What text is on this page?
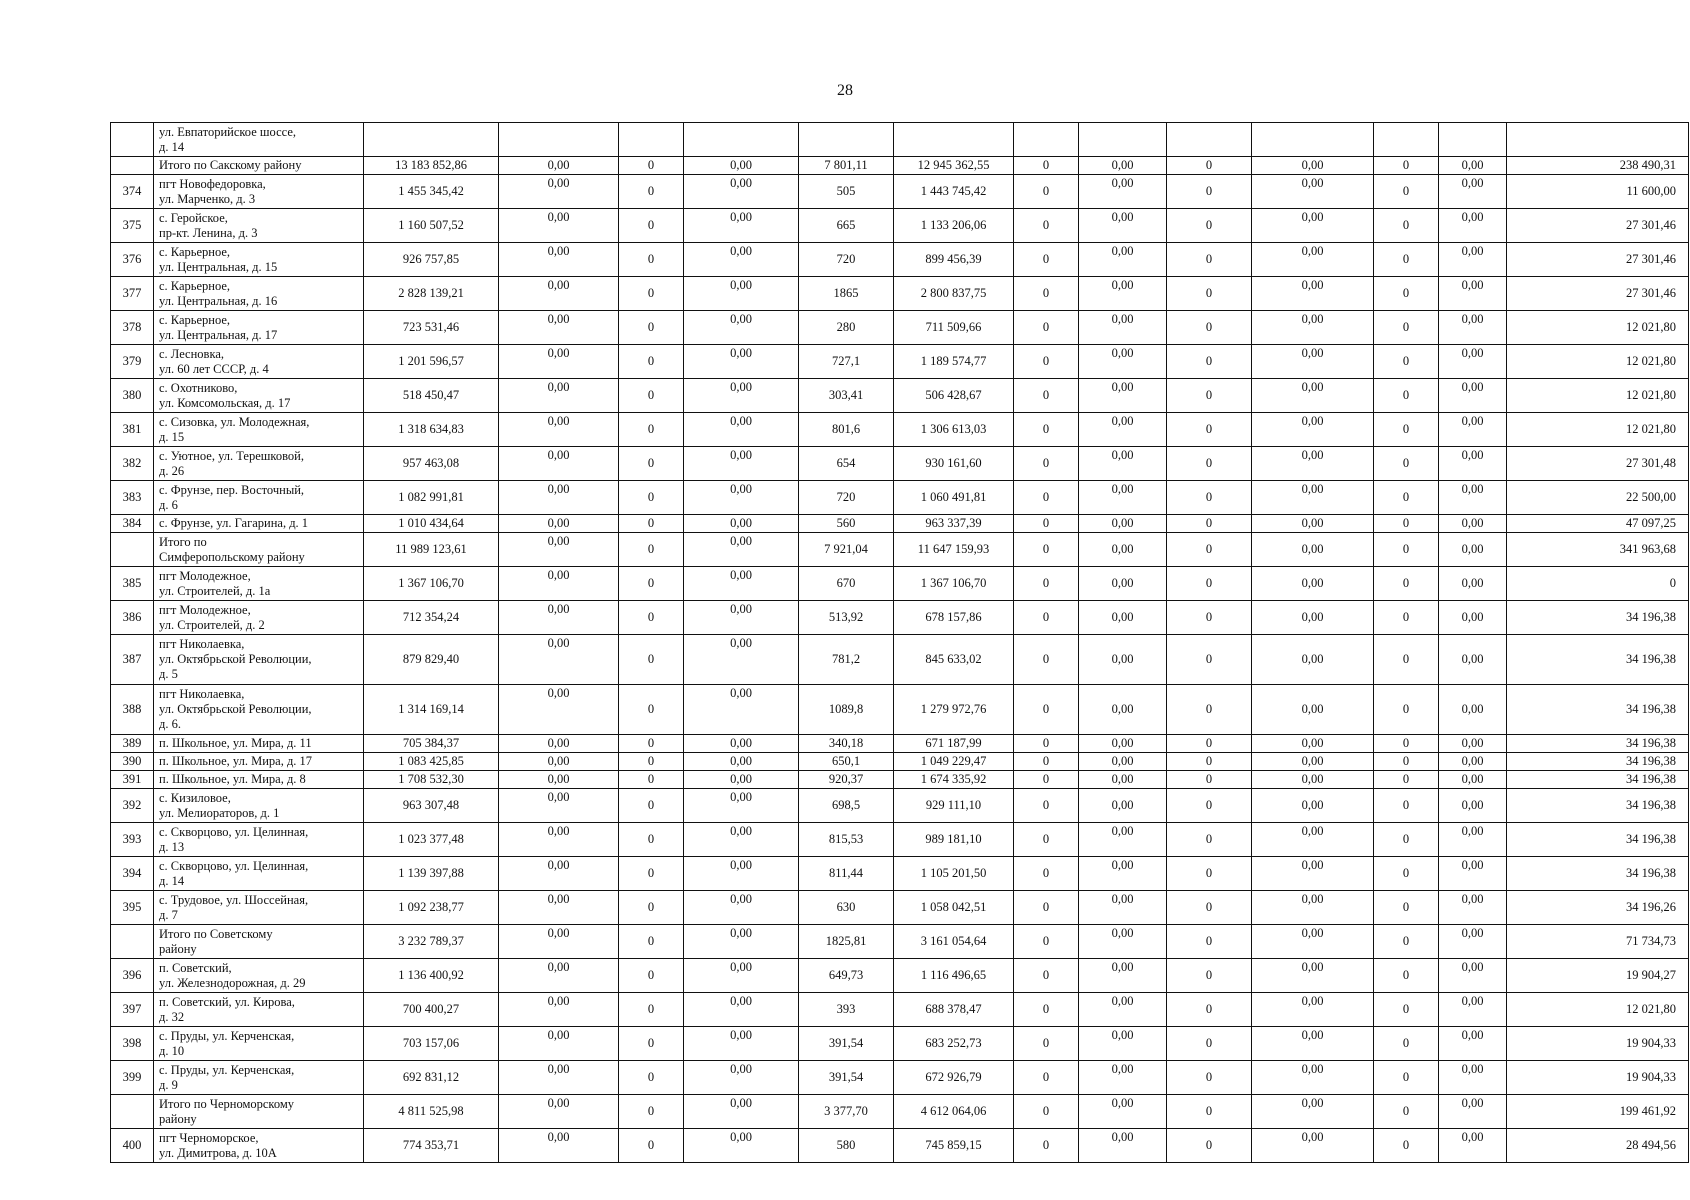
28

	ул. Евпаторийское шоссе,
д. 14													

	Итого по Сакскому району	13 183 852,86	0,00	0	0,00	7 801,11	12 945 362,55	0	0,00	0	0,00	0	0,00	238 490,31
374	пгт Новофедоровка,
ул. Марченко, д. 3	1 455 345,42	0,00	0	0,00	505	1 443 745,42	0	0,00	0	0,00	0	0,00	11 600,00
375	с. Геройское,
пр-кт. Ленина, д. 3	1 160 507,52	0,00	0	0,00	665	1 133 206,06	0	0,00	0	0,00	0	0,00	27 301,46
376	с. Карьерное,
ул. Центральная, д. 15	926 757,85	0,00	0	0,00	720	899 456,39	0	0,00	0	0,00	0	0,00	27 301,46
377	с. Карьерное,
ул. Центральная, д. 16	2 828 139,21	0,00	0	0,00	1865	2 800 837,75	0	0,00	0	0,00	0	0,00	27 301,46
378	с. Карьерное,
ул. Центральная, д. 17	723 531,46	0,00	0	0,00	280	711 509,66	0	0,00	0	0,00	0	0,00	12 021,80
379	с. Лесновка,
ул. 60 лет СССР, д. 4	1 201 596,57	0,00	0	0,00	727,1	1 189 574,77	0	0,00	0	0,00	0	0,00	12 021,80
380	с. Охотниково,
ул. Комсомольская, д. 17	518 450,47	0,00	0	0,00	303,41	506 428,67	0	0,00	0	0,00	0	0,00	12 021,80
381	с. Сизовка, ул. Молодежная,
д. 15	1 318 634,83	0,00	0	0,00	801,6	1 306 613,03	0	0,00	0	0,00	0	0,00	12 021,80
382	с. Уютное, ул. Терешковой,
д. 26	957 463,08	0,00	0	0,00	654	930 161,60	0	0,00	0	0,00	0	0,00	27 301,48
383	с. Фрунзе, пер. Восточный,
д. 6	1 082 991,81	0,00	0	0,00	720	1 060 491,81	0	0,00	0	0,00	0	0,00	22 500,00
384	с. Фрунзе, ул. Гагарина, д. 1	1 010 434,64	0,00	0	0,00	560	963 337,39	0	0,00	0	0,00	0	0,00	47 097,25

	Итого по
Симферопольскому району	11 989 123,61	0,00	0	0,00	7 921,04	11 647 159,93	0	0,00	0	0,00	0	0,00	341 963,68
385	пгт Молодежное,
ул. Строителей, д. 1а	1 367 106,70	0,00	0	0,00	670	1 367 106,70	0	0,00	0	0,00	0	0,00	0
386	пгт Молодежное,
ул. Строителей, д. 2	712 354,24	0,00	0	0,00	513,92	678 157,86	0	0,00	0	0,00	0	0,00	34 196,38
387	пгт Николаевка,
ул. Октябрьской Революции,
д. 5	879 829,40	0,00	0	0,00	781,2	845 633,02	0	0,00	0	0,00	0	0,00	34 196,38
388	пгт Николаевка,
ул. Октябрьской Революции,
д. 6.	1 314 169,14	0,00	0	0,00	1089,8	1 279 972,76	0	0,00	0	0,00	0	0,00	34 196,38
389	п. Школьное, ул. Мира, д. 11	705 384,37	0,00	0	0,00	340,18	671 187,99	0	0,00	0	0,00	0	0,00	34 196,38
390	п. Школьное, ул. Мира, д. 17	1 083 425,85	0,00	0	0,00	650,1	1 049 229,47	0	0,00	0	0,00	0	0,00	34 196,38
391	п. Школьное, ул. Мира, д. 8	1 708 532,30	0,00	0	0,00	920,37	1 674 335,92	0	0,00	0	0,00	0	0,00	34 196,38
392	с. Кизиловое,
ул. Мелиораторов, д. 1	963 307,48	0,00	0	0,00	698,5	929 111,10	0	0,00	0	0,00	0	0,00	34 196,38
393	с. Скворцово, ул. Целинная,
д. 13	1 023 377,48	0,00	0	0,00	815,53	989 181,10	0	0,00	0	0,00	0	0,00	34 196,38
394	с. Скворцово, ул. Целинная,
д. 14	1 139 397,88	0,00	0	0,00	811,44	1 105 201,50	0	0,00	0	0,00	0	0,00	34 196,38
395	с. Трудовое, ул. Шоссейная,
д. 7	1 092 238,77	0,00	0	0,00	630	1 058 042,51	0	0,00	0	0,00	0	0,00	34 196,26

	Итого по Советскому
району	3 232 789,37	0,00	0	0,00	1825,81	3 161 054,64	0	0,00	0	0,00	0	0,00	71 734,73
396	п. Советский,
ул. Железнодорожная, д. 29	1 136 400,92	0,00	0	0,00	649,73	1 116 496,65	0	0,00	0	0,00	0	0,00	19 904,27
397	п. Советский, ул. Кирова,
д. 32	700 400,27	0,00	0	0,00	393	688 378,47	0	0,00	0	0,00	0	0,00	12 021,80
398	с. Пруды, ул. Керченская,
д. 10	703 157,06	0,00	0	0,00	391,54	683 252,73	0	0,00	0	0,00	0	0,00	19 904,33
399	с. Пруды, ул. Керченская,
д. 9	692 831,12	0,00	0	0,00	391,54	672 926,79	0	0,00	0	0,00	0	0,00	19 904,33

	Итого по Черноморскому
району	4 811 525,98	0,00	0	0,00	3 377,70	4 612 064,06	0	0,00	0	0,00	0	0,00	199 461,92
400	пгт Черноморское,
ул. Димитрова, д. 10А	774 353,71	0,00	0	0,00	580	745 859,15	0	0,00	0	0,00	0	0,00	28 494,56
